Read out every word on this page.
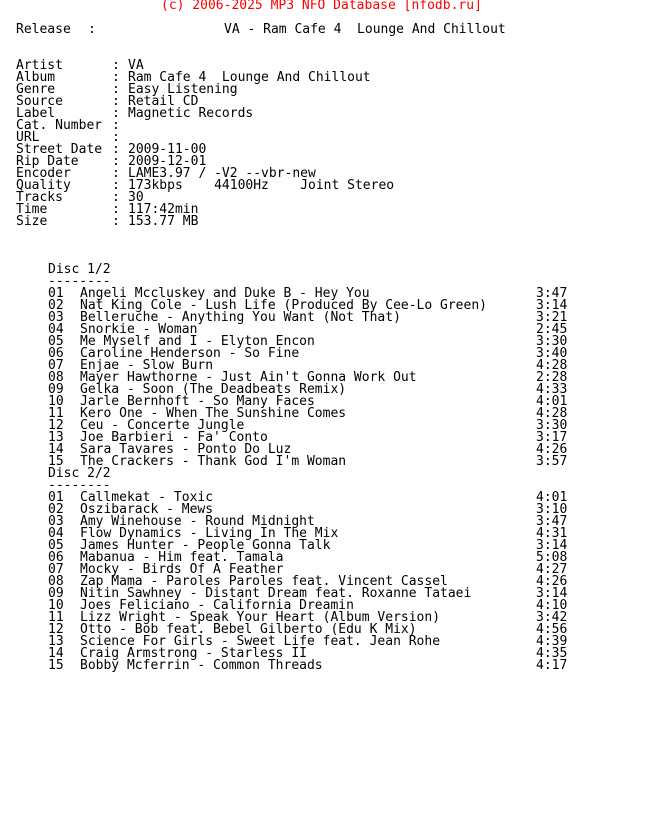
(c) 2006-2025 MP3 NFO Database [nfodb.ru]
Release :	VA - Ram Cafe 4  Lounge And Chillout
Artist	: VA
Album	: Ram Cafe 4  Lounge And Chillout
Genre	: Easy Listening
Source	: Retail CD
Label	: Magnetic Records
Cat. Number :
URL	:
Street Date : 2009-11-00
Rip Date	: 2009-12-01
Encoder	: LAME3.97 / -V2 --vbr-new
Quality	: 173kbps    44100Hz    Joint Stereo
Tracks	: 30
Time	: 117:42min
Size	: 153.77 MB
Disc 1/2
--------
01 Angeli Mccluskey and Duke B - Hey You	3:47
02 Nat King Cole - Lush Life (Produced By Cee-Lo Green)	3:14
03 Belleruche - Anything You Want (Not That)	3:21
04 Snorkie - Woman	2:45
05 Me Myself and I - Elyton Encon	3:30
06 Caroline Henderson - So Fine	3:40
07 Enjae - Slow Burn	4:28
08 Mayer Hawthorne - Just Ain't Gonna Work Out	2:28
09 Gelka - Soon (The Deadbeats Remix)	4:33
10 Jarle Bernhoft - So Many Faces	4:01
11 Kero One - When The Sunshine Comes	4:28
12 Ceu - Concerte Jungle	3:30
13 Joe Barbieri - Fa' Conto	3:17
14 Sara Tavares - Ponto Do Luz	4:26
15 The Crackers - Thank God I'm Woman	3:57
Disc 2/2
--------
01 Callmekat - Toxic	4:01
02 Oszibarack - Mews	3:10
03 Amy Winehouse - Round Midnight	3:47
04 Flow Dynamics - Living In The Mix	4:31
05 James Hunter - People Gonna Talk	3:14
06 Mabanua - Him feat. Tamala	5:08
07 Mocky - Birds Of A Feather	4:27
08 Zap Mama - Paroles Paroles feat. Vincent Cassel	4:26
09 Nitin Sawhney - Distant Dream feat. Roxanne Tataei	3:14
10 Joes Feliciano - California Dreamin	4:10
11 Lizz Wright - Speak Your Heart (Album Version)	3:42
12 Otto - Bob feat. Bebel Gilberto (Edu K Mix)	4:56
13 Science For Girls - Sweet Life feat. Jean Rohe	4:39
14 Craig Armstrong - Starless II	4:35
15 Bobby Mcferrin - Common Threads	4:17
